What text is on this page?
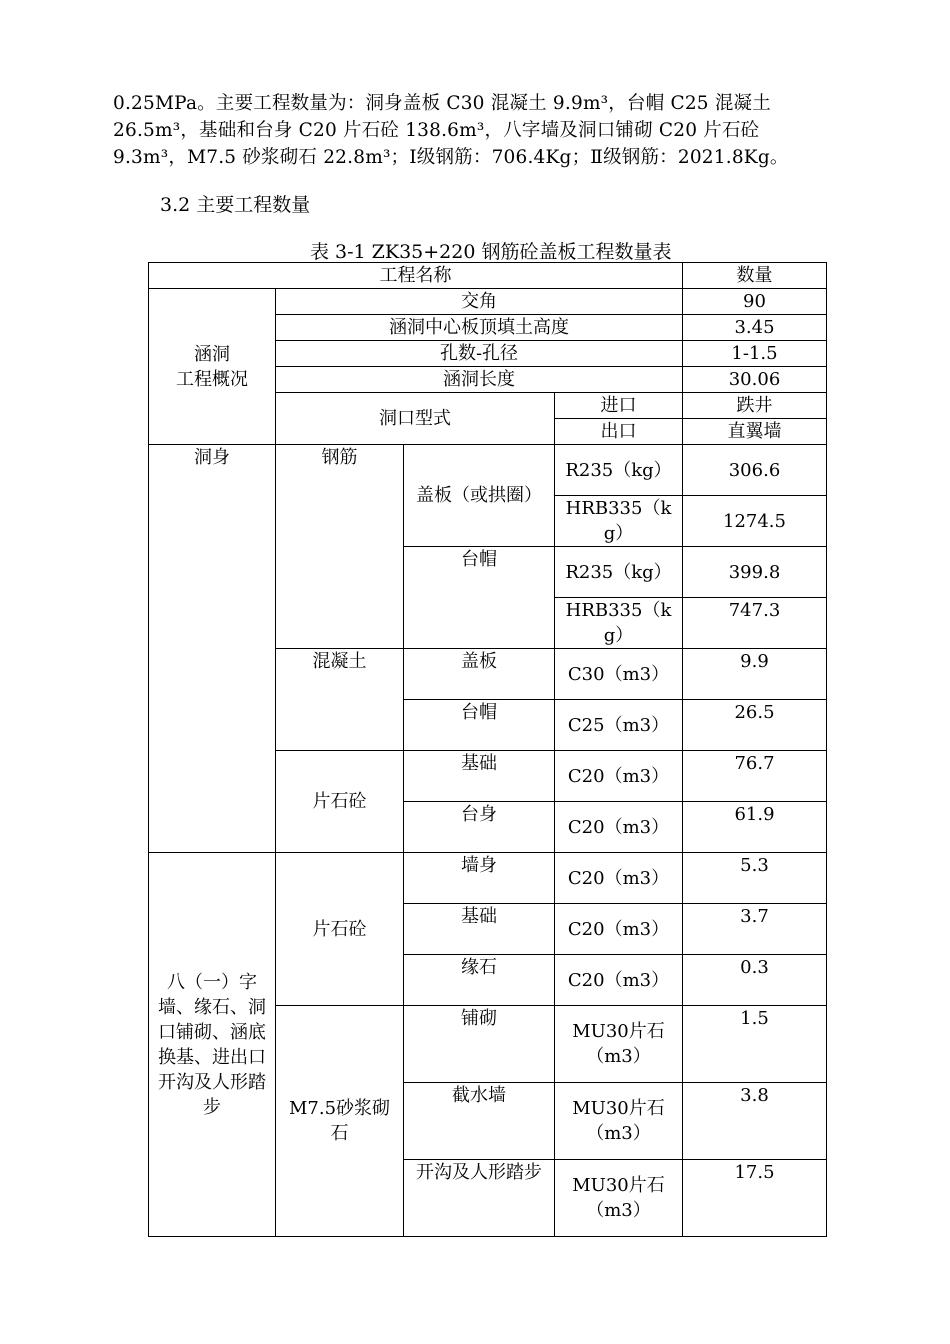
0.25MPa。主要工程数量为：洞身盖板 C30 混凝土 9.9m³，台帽 C25 混凝土
26.5m³，基础和台身 C20 片石砼 138.6m³，八字墙及洞口铺砌 C20 片石砼
9.3m³，M7.5 砂浆砌石 22.8m³；Ⅰ级钢筋：706.4Kg；Ⅱ级钢筋：2021.8Kg。
3.2 主要工程数量
表 3-1 ZK35+220 钢筋砼盖板工程数量表
工程名称				数量
涵洞
工程概况	交角			90
	涵洞中心板顶填土高度			3.45
	孔数-孔径			1-1.5
	涵洞长度			30.06
	洞口型式		进口	跌井
			出口	直翼墙
洞身	钢筋	盖板（或拱圈）	R235（kg）	306.6
			HRB335（kg）	1274.5
		台帽	R235（kg）	399.8
			HRB335（kg）	747.3
	混凝土	盖板	C30（m3）	9.9
		台帽	C25（m3）	26.5
	片石砼	基础	C20（m3）	76.7
		台身	C20（m3）	61.9
八（一）字墙、缘石、洞口铺砌、涵底换基、进出口开沟及人形踏步	片石砼	墙身	C20（m3）	5.3
		基础	C20（m3）	3.7
		缘石	C20（m3）	0.3
	M7.5砂浆砌石	铺砌	MU30片石（m3）	1.5
		截水墙	MU30片石（m3）	3.8
		开沟及人形踏步	MU30片石（m3）	17.5
